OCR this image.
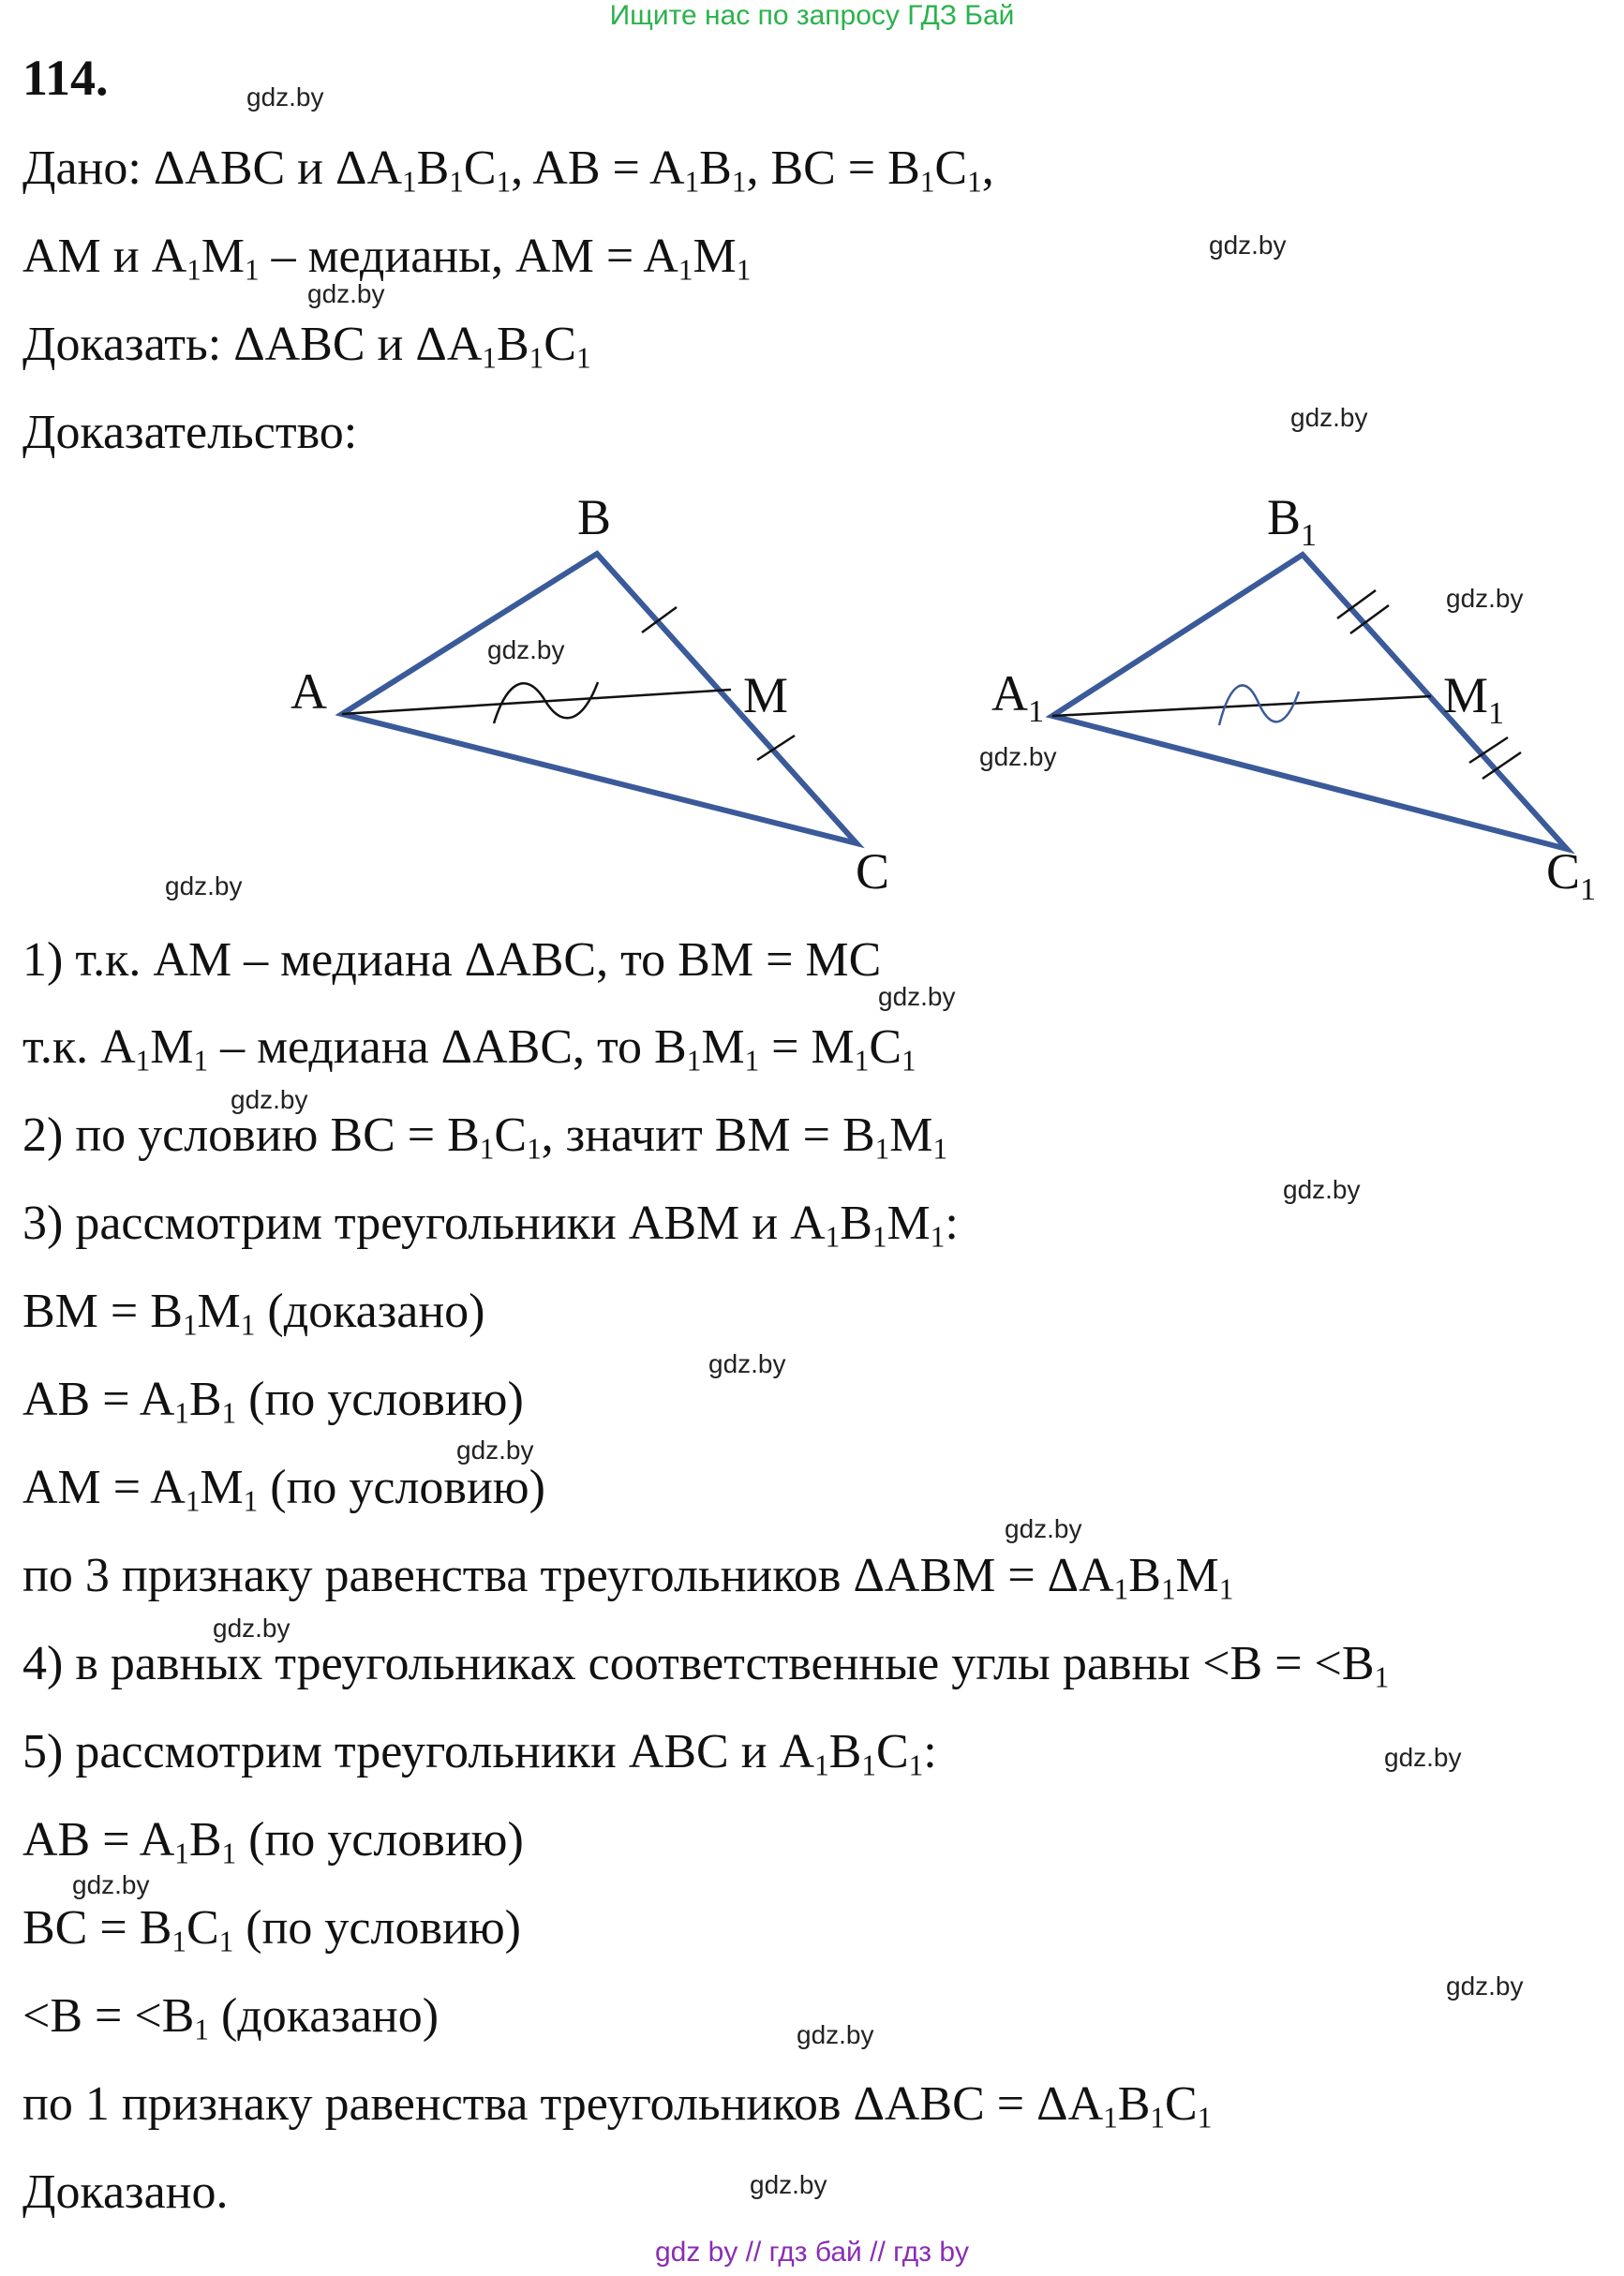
Ищите нас по запросу ГДЗ Бай
114.
Дано: ΔABC и $\Delta A_1B_1C_1$, AB = $A_1B_1$, BC = $B_1C_1$,
AM и $A_1M_1$ – медианы, AM = $A_1M_1$
Доказать: ΔABC и $\Delta A_1B_1C_1$
Доказательство:
1) т.к. AM – медиана ΔABC, то BM = MC
т.к. $A_1M_1$ – медиана ΔABC, то $B_1M_1 = M_1C_1$
2) по условию BC = $B_1C_1$, значит BM = $B_1M_1$
3) рассмотрим треугольники ABM и $A_1B_1M_1$:
BM = $B_1M_1$ (доказано)
AB = $A_1B_1$ (по условию)
AM = $A_1M_1$ (по условию)
по 3 признаку равенства треугольников $\Delta ABM = \Delta A_1B_1M_1$
4) в равных треугольниках соответственные углы равны $<B = <B_1$
5) рассмотрим треугольники ABC и $A_1B_1C_1$:
AB = $A_1B_1$ (по условию)
BC = $B_1C_1$ (по условию)
$<B = <B_1$ (доказано)
по 1 признаку равенства треугольников $\Delta ABC = \Delta A_1B_1C_1$
Доказано.
A
B
C
M	$A_1$
$B_1$
$C_1$
$M_1$
gdz.by
gdz.by
gdz.by
gdz.by
gdz.by
gdz.by
gdz.by
gdz.by
gdz.by
gdz.by
gdz.by
gdz.by
gdz.by
gdz.by
gdz.by
gdz.by
gdz.by
gdz.by
gdz.by
gdz.by
gdz by // гдз бай // гдз by
